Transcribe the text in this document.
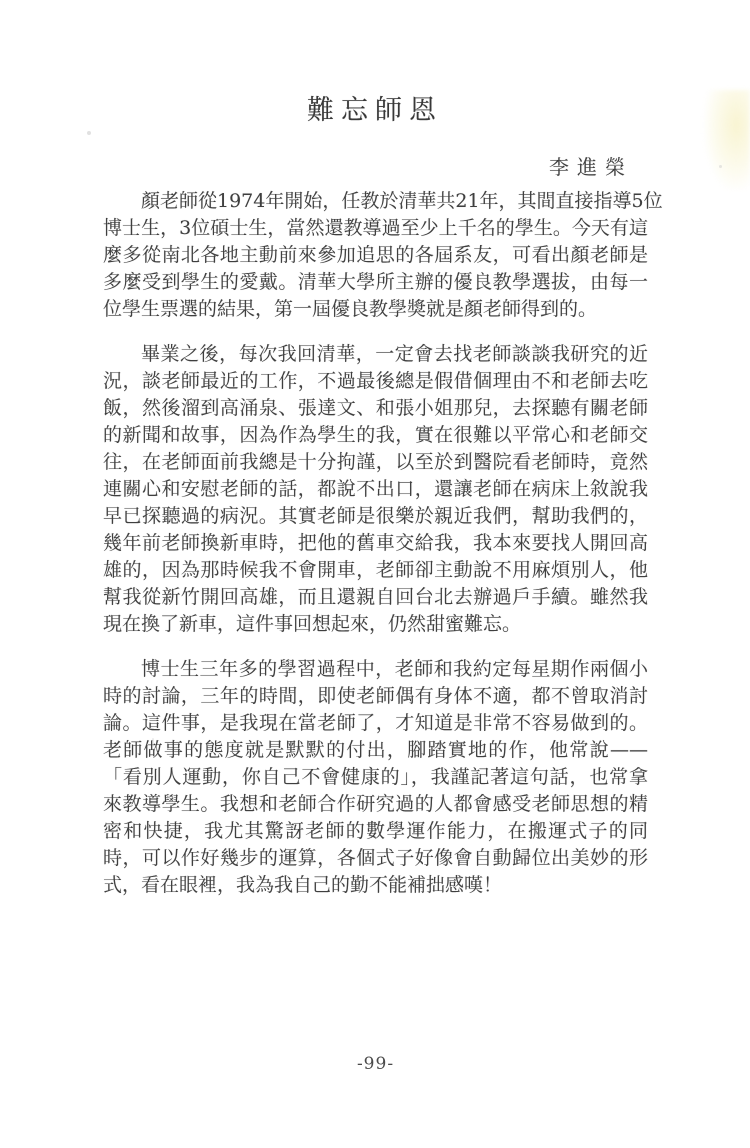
難忘師恩
李進榮
顏老師從1974年開始，任教於清華共21年，其間直接指導5位
博士生，3位碩士生，當然還教導過至少上千名的學生。今天有這
麼多從南北各地主動前來參加追思的各屆系友，可看出顏老師是
多麼受到學生的愛戴。清華大學所主辦的優良教學選拔，由每一
位學生票選的結果，第一屆優良教學獎就是顏老師得到的。
畢業之後，每次我回清華，一定會去找老師談談我研究的近
況，談老師最近的工作，不過最後總是假借個理由不和老師去吃
飯，然後溜到高涌泉、張達文、和張小姐那兒，去探聽有關老師
的新聞和故事，因為作為學生的我，實在很難以平常心和老師交
往，在老師面前我總是十分拘謹，以至於到醫院看老師時，竟然
連關心和安慰老師的話，都說不出口，還讓老師在病床上敘說我
早已探聽過的病況。其實老師是很樂於親近我們，幫助我們的，
幾年前老師換新車時，把他的舊車交給我，我本來要找人開回高
雄的，因為那時候我不會開車，老師卻主動說不用麻煩別人，他
幫我從新竹開回高雄，而且還親自回台北去辦過戶手續。雖然我
現在換了新車，這件事回想起來，仍然甜蜜難忘。
博士生三年多的學習過程中，老師和我約定每星期作兩個小
時的討論，三年的時間，即使老師偶有身体不適，都不曾取消討
論。這件事，是我現在當老師了，才知道是非常不容易做到的。
老師做事的態度就是默默的付出，腳踏實地的作，他常說——
「看別人運動，你自己不會健康的」，我謹記著這句話，也常拿
來教導學生。我想和老師合作研究過的人都會感受老師思想的精
密和快捷，我尤其驚訝老師的數學運作能力，在搬運式子的同
時，可以作好幾步的運算，各個式子好像會自動歸位出美妙的形
式，看在眼裡，我為我自己的勤不能補拙感嘆！
-99-
